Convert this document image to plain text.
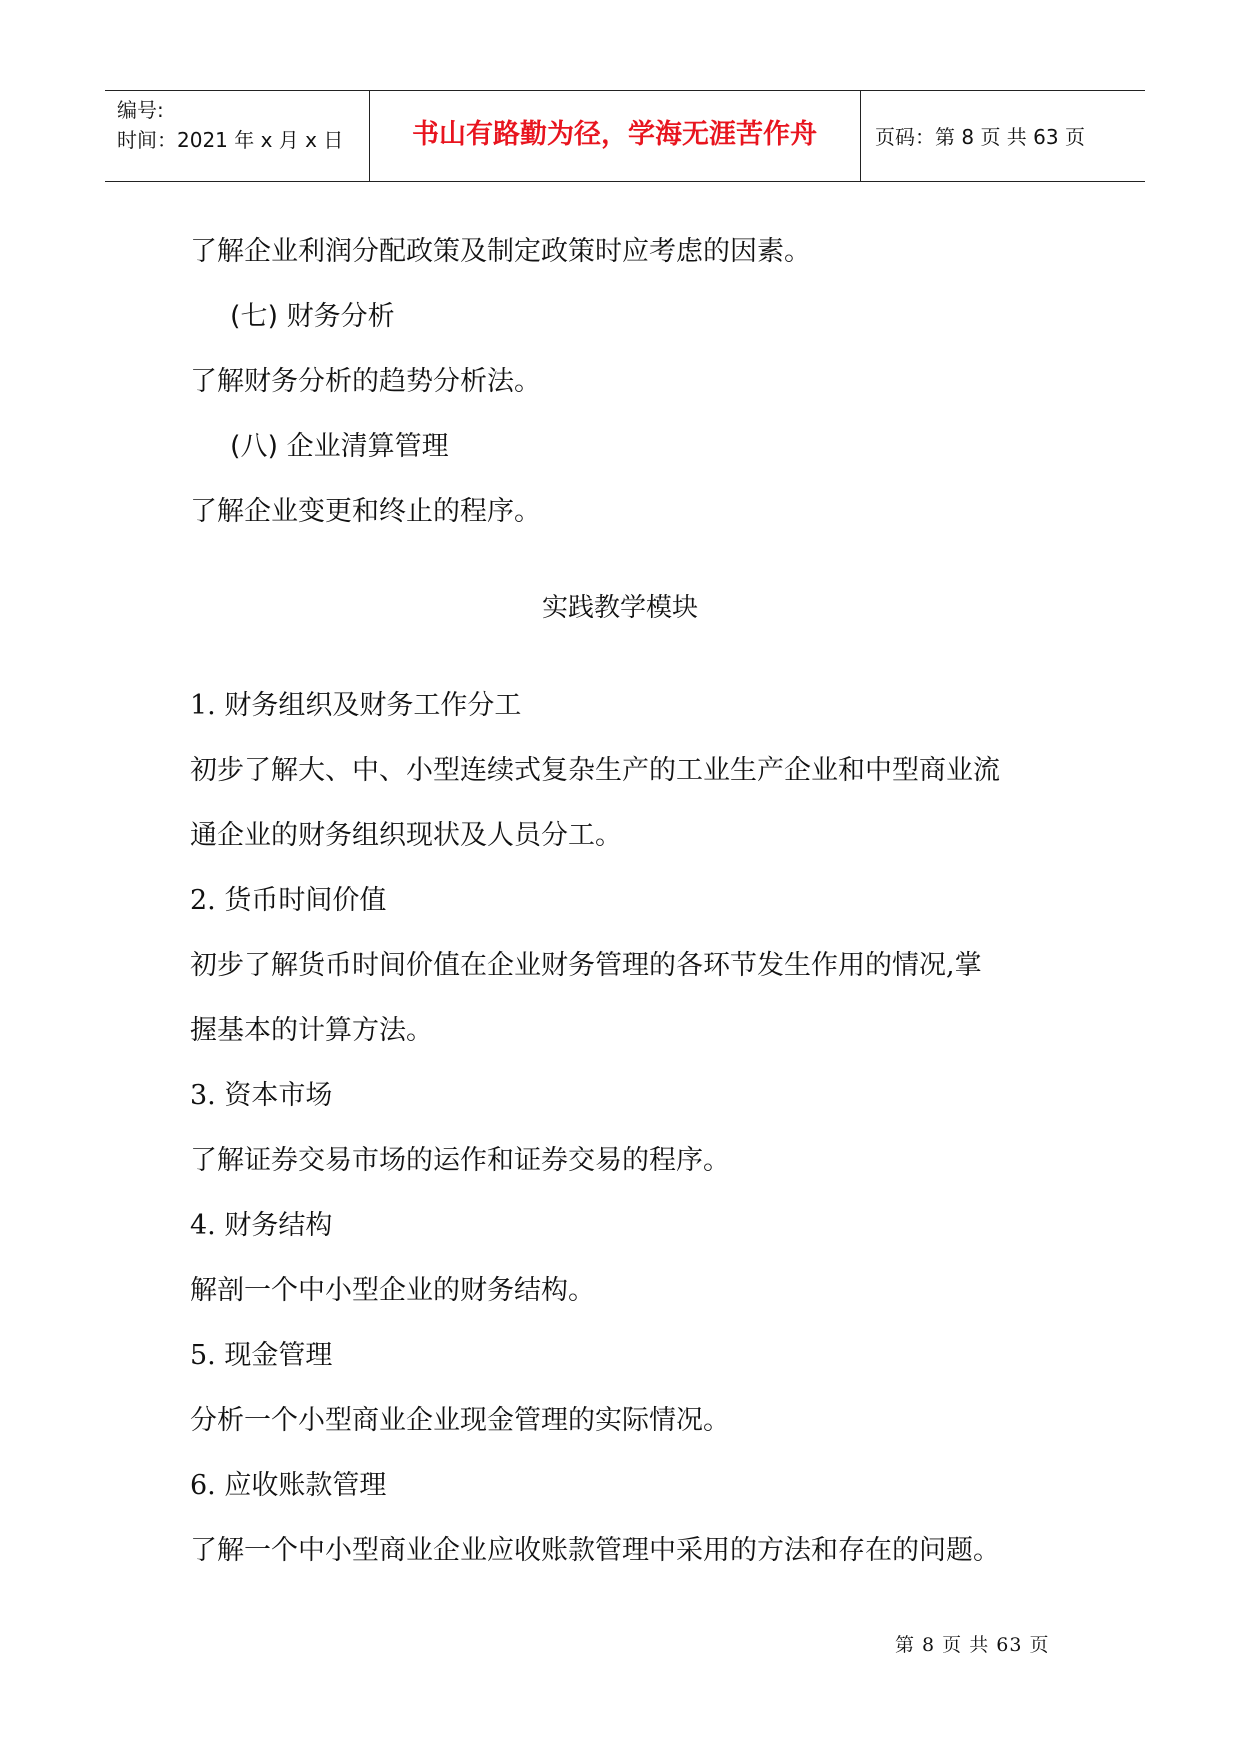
编号:
时间：2021 年 x 月 x 日	书山有路勤为径，学海无涯苦作舟	页码：第 8 页 共 63 页
了解企业利润分配政策及制定政策时应考虑的因素。
(七) 财务分析
了解财务分析的趋势分析法。
(八) 企业清算管理
了解企业变更和终止的程序。
实践教学模块
1. 财务组织及财务工作分工
初步了解大、中、小型连续式复杂生产的工业生产企业和中型商业流
通企业的财务组织现状及人员分工。
2. 货币时间价值
初步了解货币时间价值在企业财务管理的各环节发生作用的情况,掌
握基本的计算方法。
3. 资本市场
了解证券交易市场的运作和证券交易的程序。
4. 财务结构
解剖一个中小型企业的财务结构。
5. 现金管理
分析一个小型商业企业现金管理的实际情况。
6. 应收账款管理
了解一个中小型商业企业应收账款管理中采用的方法和存在的问题。
第 8 页 共 63 页
